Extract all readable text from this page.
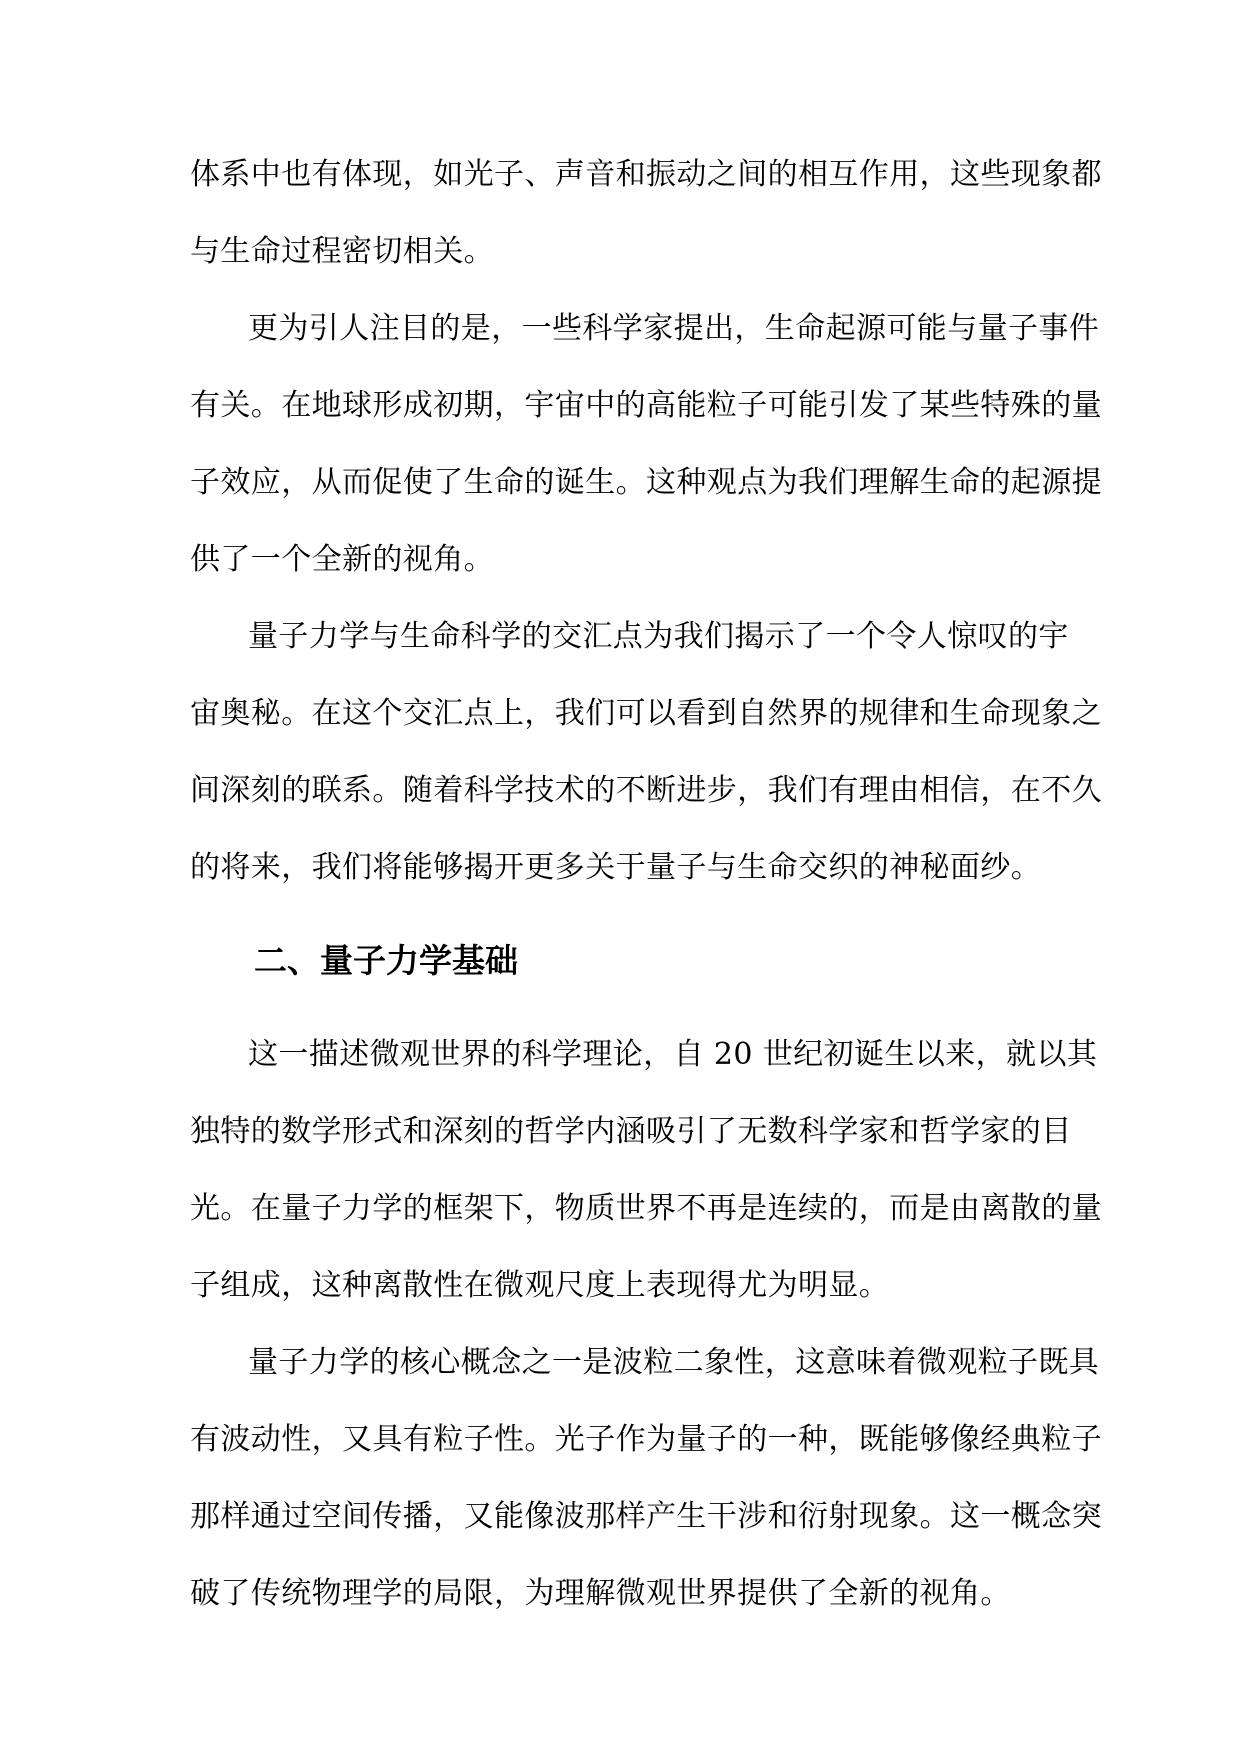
体系中也有体现，如光子、声音和振动之间的相互作用，这些现象都
与生命过程密切相关。
更为引人注目的是，一些科学家提出，生命起源可能与量子事件
有关。在地球形成初期，宇宙中的高能粒子可能引发了某些特殊的量
子效应，从而促使了生命的诞生。这种观点为我们理解生命的起源提
供了一个全新的视角。
量子力学与生命科学的交汇点为我们揭示了一个令人惊叹的宇
宙奥秘。在这个交汇点上，我们可以看到自然界的规律和生命现象之
间深刻的联系。随着科学技术的不断进步，我们有理由相信，在不久
的将来，我们将能够揭开更多关于量子与生命交织的神秘面纱。
二、量子力学基础
这一描述微观世界的科学理论，自 20 世纪初诞生以来，就以其
独特的数学形式和深刻的哲学内涵吸引了无数科学家和哲学家的目
光。在量子力学的框架下，物质世界不再是连续的，而是由离散的量
子组成，这种离散性在微观尺度上表现得尤为明显。
量子力学的核心概念之一是波粒二象性，这意味着微观粒子既具
有波动性，又具有粒子性。光子作为量子的一种，既能够像经典粒子
那样通过空间传播，又能像波那样产生干涉和衍射现象。这一概念突
破了传统物理学的局限，为理解微观世界提供了全新的视角。
